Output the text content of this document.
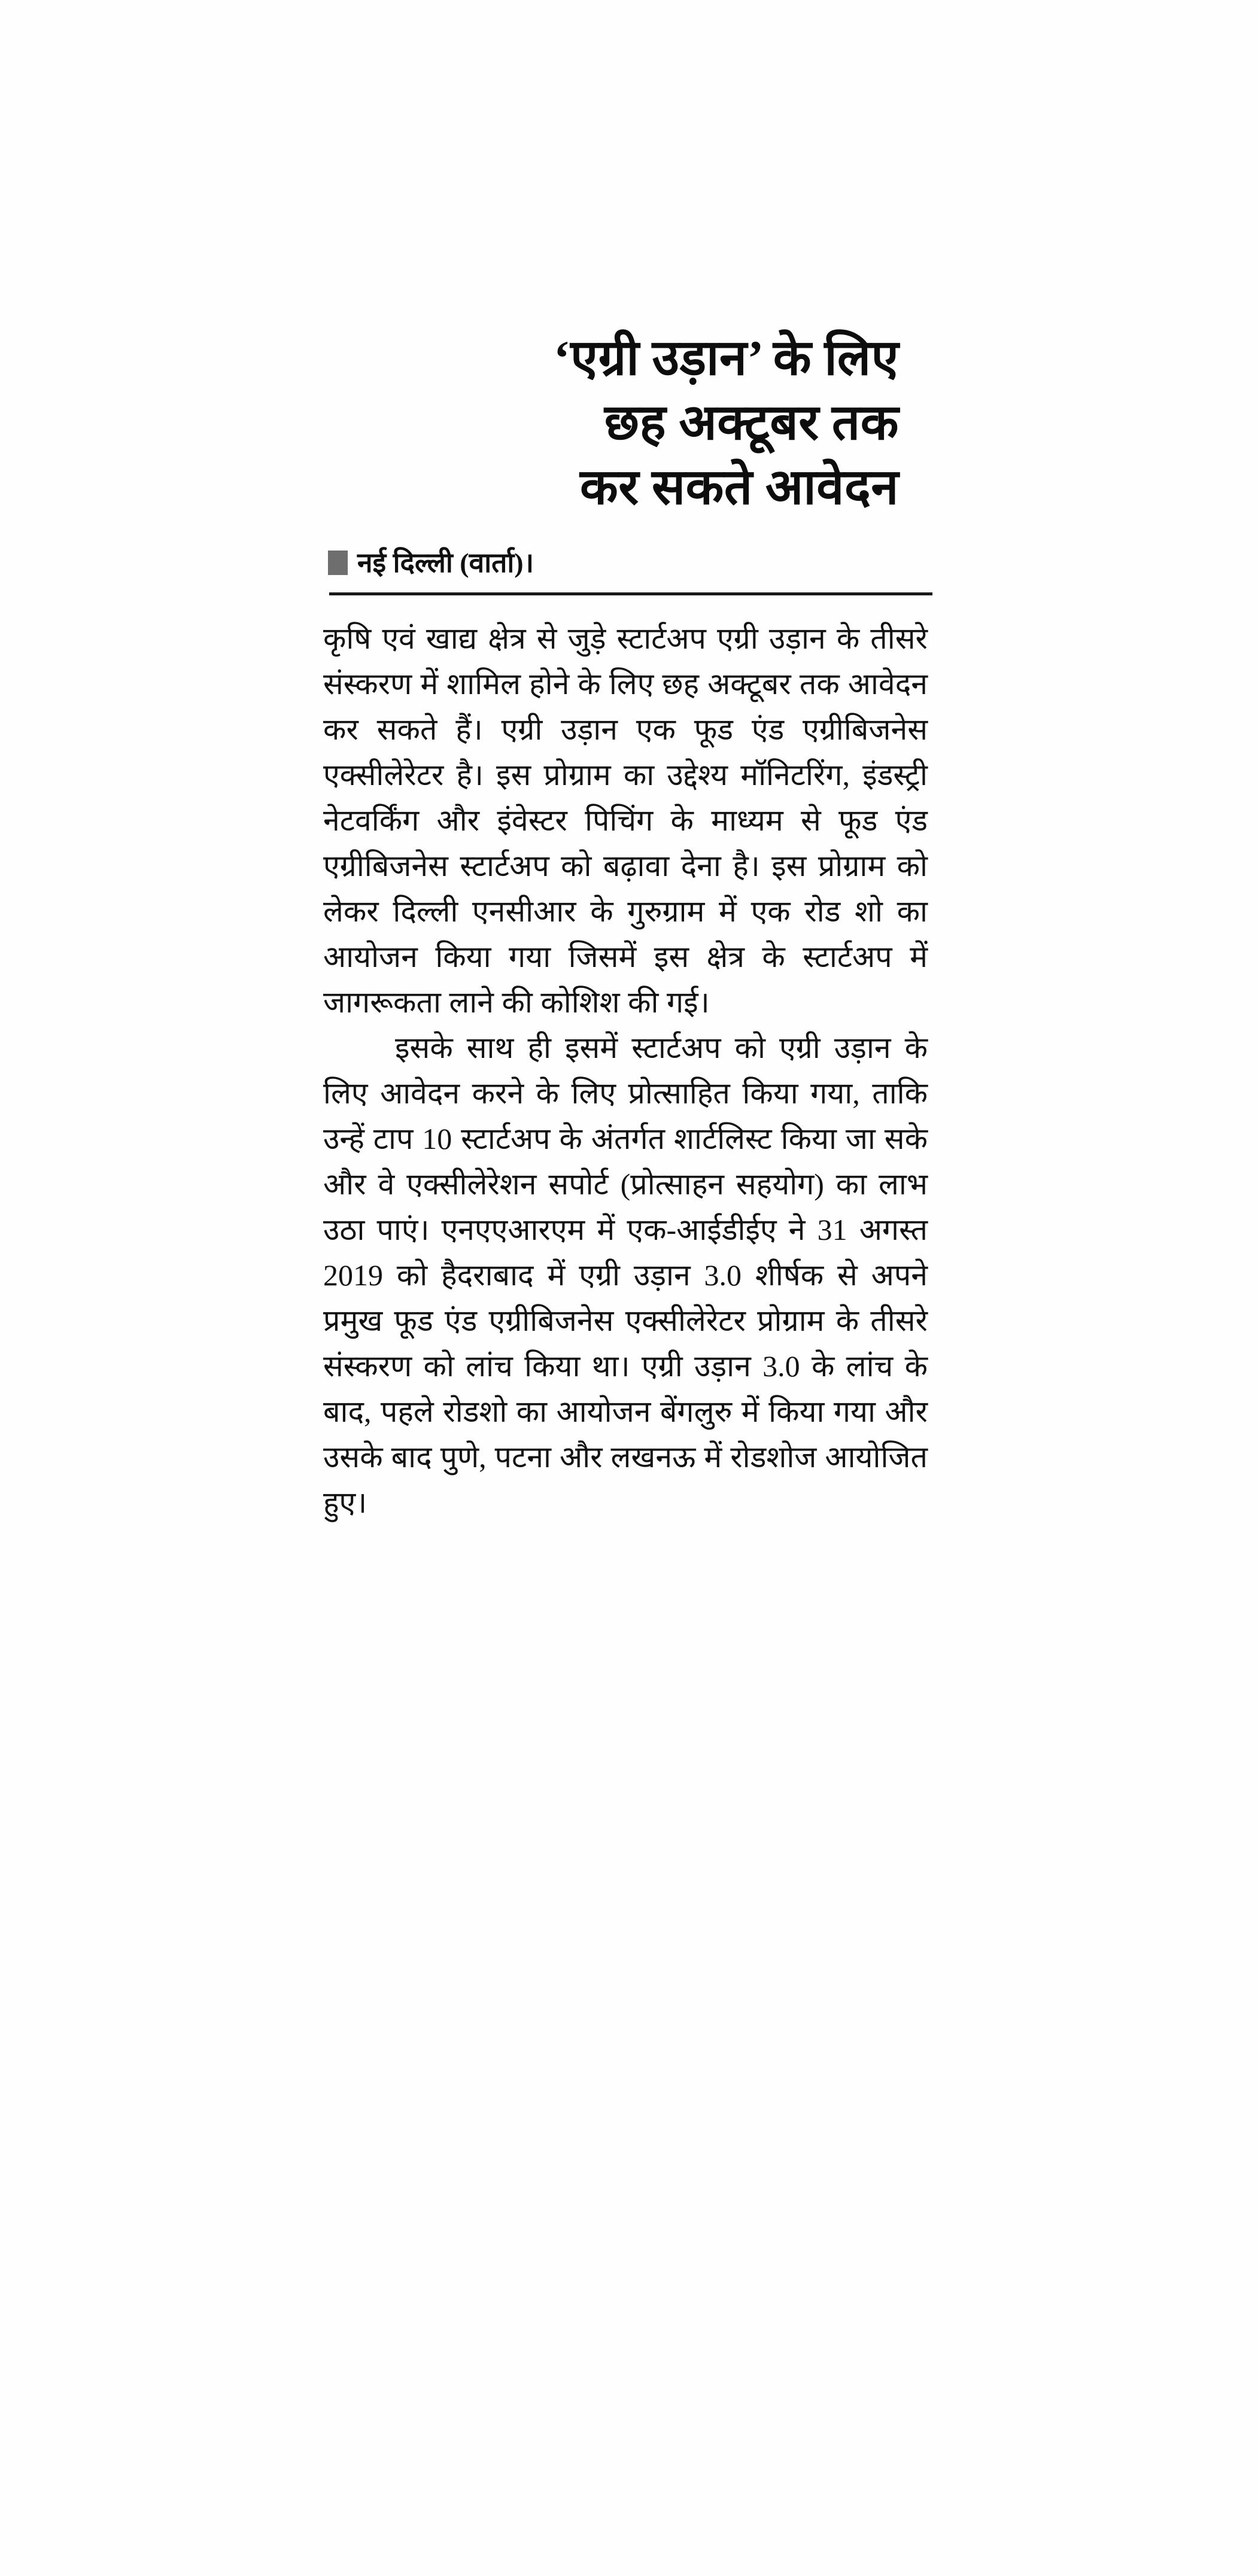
‘एग्री उड़ान’ के लिए
छह अक्टूबर तक
कर सकते आवेदन
नई दिल्ली (वार्ता)।

कृषि एवं खाद्य क्षेत्र से जुड़े स्टार्टअप एग्री उड़ान के तीसरे संस्करण में शामिल होने के लिए छह अक्टूबर तक आवेदन कर सकते हैं। एग्री उड़ान एक फूड एंड एग्रीबिजनेस एक्सीलेरेटर है। इस प्रोग्राम का उद्देश्य मॉनिटरिंग, इंडस्ट्री नेटवर्किंग और इंवेस्टर पिचिंग के माध्यम से फूड एंड एग्रीबिजनेस स्टार्टअप को बढ़ावा देना है। इस प्रोग्राम को लेकर दिल्ली एनसीआर के गुरुग्राम में एक रोड शो का आयोजन किया गया जिसमें इस क्षेत्र के स्टार्टअप में जागरूकता लाने की कोशिश की गई।

इसके साथ ही इसमें स्टार्टअप को एग्री उड़ान के लिए आवेदन करने के लिए प्रोत्साहित किया गया, ताकि उन्हें टाप 10 स्टार्टअप के अंतर्गत शार्टलिस्ट किया जा सके और वे एक्सीलेरेशन सपोर्ट (प्रोत्साहन सहयोग) का लाभ उठा पाएं। एनएएआरएम में एक-आईडीईए ने 31 अगस्त 2019 को हैदराबाद में एग्री उड़ान 3.0 शीर्षक से अपने प्रमुख फूड एंड एग्रीबिजनेस एक्सीलेरेटर प्रोग्राम के तीसरे संस्करण को लांच किया था। एग्री उड़ान 3.0 के लांच के बाद, पहले रोडशो का आयोजन बेंगलुरु में किया गया और उसके बाद पुणे, पटना और लखनऊ में रोडशोज आयोजित हुए।
